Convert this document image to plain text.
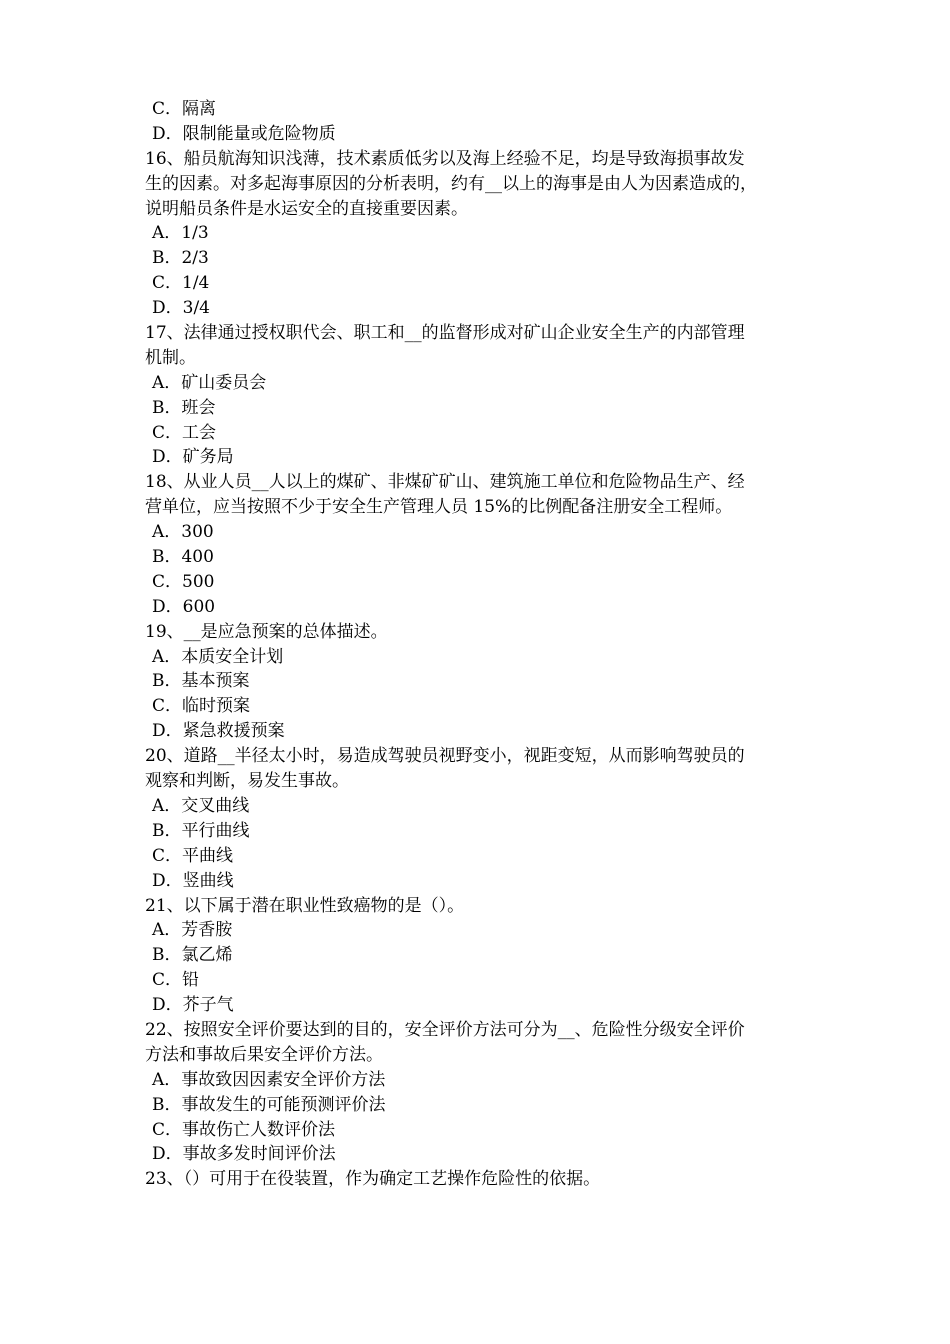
C．隔离
D．限制能量或危险物质
16、船员航海知识浅薄，技术素质低劣以及海上经验不足，均是导致海损事故发
生的因素。对多起海事原因的分析表明，约有__以上的海事是由人为因素造成的，
说明船员条件是水运安全的直接重要因素。
A．1/3
B．2/3
C．1/4
D．3/4
17、法律通过授权职代会、职工和__的监督形成对矿山企业安全生产的内部管理
机制。
A．矿山委员会
B．班会
C．工会
D．矿务局
18、从业人员__人以上的煤矿、非煤矿矿山、建筑施工单位和危险物品生产、经
营单位，应当按照不少于安全生产管理人员 15%的比例配备注册安全工程师。
A．300
B．400
C．500
D．600
19、__是应急预案的总体描述。
A．本质安全计划
B．基本预案
C．临时预案
D．紧急救援预案
20、道路__半径太小时，易造成驾驶员视野变小，视距变短，从而影响驾驶员的
观察和判断，易发生事故。
A．交叉曲线
B．平行曲线
C．平曲线
D．竖曲线
21、以下属于潜在职业性致癌物的是（）。
A．芳香胺
B．氯乙烯
C．铅
D．芥子气
22、按照安全评价要达到的目的，安全评价方法可分为__、危险性分级安全评价
方法和事故后果安全评价方法。
A．事故致因因素安全评价方法
B．事故发生的可能预测评价法
C．事故伤亡人数评价法
D．事故多发时间评价法
23、（）可用于在役装置，作为确定工艺操作危险性的依据。
